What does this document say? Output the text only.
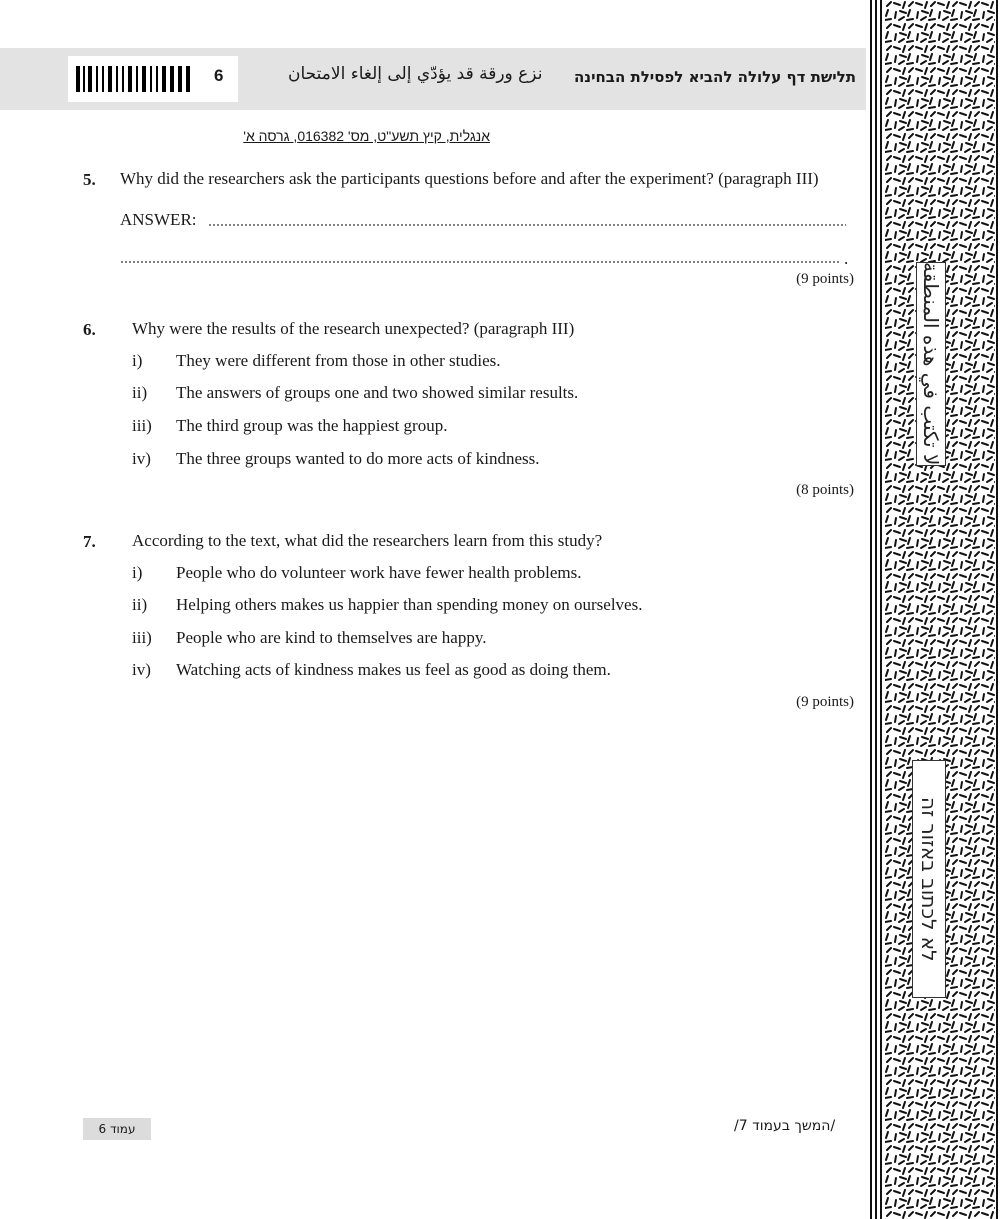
6	نزع ورقة قد يؤدّي إلى إلغاء الامتحان תלישת דף עלולה להביא לפסילת הבחינה
אנגלית, קיץ תשע"ט, מס' 016382, גרסה א'
5. Why did the researchers ask the participants questions before and after the experiment? (paragraph III)
ANSWER:
.
(9 points)
6. Why were the results of the research unexpected? (paragraph III)
i) They were different from those in other studies.
ii) The answers of groups one and two showed similar results.
iii) The third group was the happiest group.
iv) The three groups wanted to do more acts of kindness.
(8 points)
7. According to the text, what did the researchers learn from this study?
i) People who do volunteer work have fewer health problems.
ii) Helping others makes us happier than spending money on ourselves.
iii) People who are kind to themselves are happy.
iv) Watching acts of kindness makes us feel as good as doing them.
(9 points)
עמוד 6	/המשך בעמוד 7/
لا تكتب في هذه المنطقة
לא לכתוב באזור זה
